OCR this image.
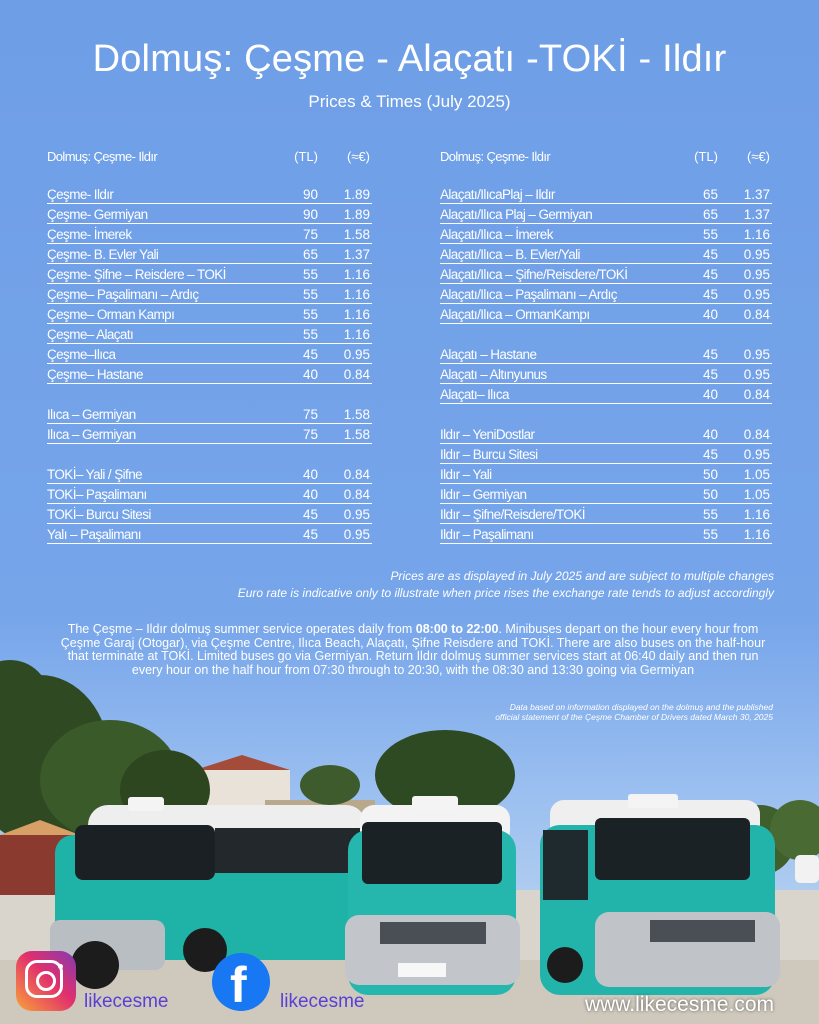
Dolmuş: Çeşme - Alaçatı -TOKİ - Ildır
Prices & Times (July 2025)
Dolmuş: Çeşme- Ildır	(TL)	(≈€)
Çeşme- Ildır	90	1.89
Çeşme- Germiyan	90	1.89
Çeşme- İmerek	75	1.58
Çeşme- B. Evler Yali	65	1.37
Çeşme- Şifne – Reisdere – TOKİ	55	1.16
Çeşme– Paşalimanı – Ardıç	55	1.16
Çeşme– Orman Kampı	55	1.16
Çeşme– Alaçatı	55	1.16
Çeşme–Ilıca	45	0.95
Çeşme– Hastane	40	0.84
Ilıca – Germiyan	75	1.58
Ilıca – Germiyan	75	1.58
TOKİ– Yali / Şifne	40	0.84
TOKİ– Paşalimanı	40	0.84
TOKİ– Burcu Sitesi	45	0.95
Yalı – Paşalimanı	45	0.95
Dolmuş: Çeşme- Ildır	(TL)	(≈€)
Alaçatı/IlıcaPlaj – Ildır	65	1.37
Alaçatı/Ilıca Plaj – Germiyan	65	1.37
Alaçatı/Ilıca – İmerek	55	1.16
Alaçatı/Ilıca – B. Evler/Yali	45	0.95
Alaçatı/Ilıca – Şifne/Reisdere/TOKİ	45	0.95
Alaçatı/Ilıca – Paşalimanı – Ardıç	45	0.95
Alaçatı/Ilıca – OrmanKampı	40	0.84
Alaçatı – Hastane	45	0.95
Alaçatı – Altınyunus	45	0.95
Alaçatı– Ilıca	40	0.84
Ildır – YeniDostlar	40	0.84
Ildır – Burcu Sitesi	45	0.95
Ildır – Yali	50	1.05
Ildır – Germiyan	50	1.05
Ildır – Şifne/Reisdere/TOKİ	55	1.16
Ildır – Paşalimanı	55	1.16
Prices are as displayed in July 2025 and are subject to multiple changes
Euro rate is indicative only to illustrate when price rises the exchange rate tends to adjust accordingly
The Çeşme – Ildır dolmuş summer service operates daily from 08:00 to 22:00. Minibuses depart on the hour every hour from Çeşme Garaj (Otogar), via Çeşme Centre, Ilıca Beach, Alaçatı, Şifne Reisdere and TOKİ. There are also buses on the half-hour that terminate at TOKİ. Limited buses go via Germiyan. Return Ildır dolmuş summer services start at 06:40 daily and then run every hour on the half hour from 07:30 through to 20:30, with the 08:30 and 13:30 going via Germiyan
Data based on information displayed on the dolmuş and the published
official statement of the Çeşme Chamber of Drivers dated March 30, 2025
likecesme f likecesme	www.likecesme.com
